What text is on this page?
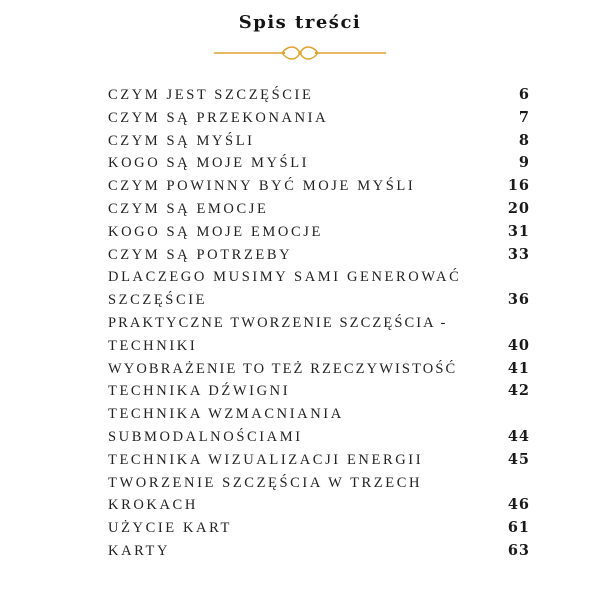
Spis treści
CZYM JEST SZCZĘŚCIE	6
CZYM SĄ PRZEKONANIA	7
CZYM SĄ MYŚLI	8
KOGO SĄ MOJE MYŚLI	9
CZYM POWINNY BYĆ MOJE MYŚLI	16
CZYM SĄ EMOCJE	20
KOGO SĄ MOJE EMOCJE	31
CZYM SĄ POTRZEBY	33
DLACZEGO MUSIMY SAMI GENEROWAĆ
SZCZĘŚCIE	36
PRAKTYCZNE TWORZENIE SZCZĘŚCIA -
TECHNIKI	40
WYOBRAŻENIE TO TEŻ RZECZYWISTOŚĆ	41
TECHNIKA DŹWIGNI	42
TECHNIKA WZMACNIANIA
SUBMODALNOŚCIAMI	44
TECHNIKA WIZUALIZACJI ENERGII	45
TWORZENIE SZCZĘŚCIA W TRZECH
KROKACH	46
UŻYCIE KART	61
KARTY	63
